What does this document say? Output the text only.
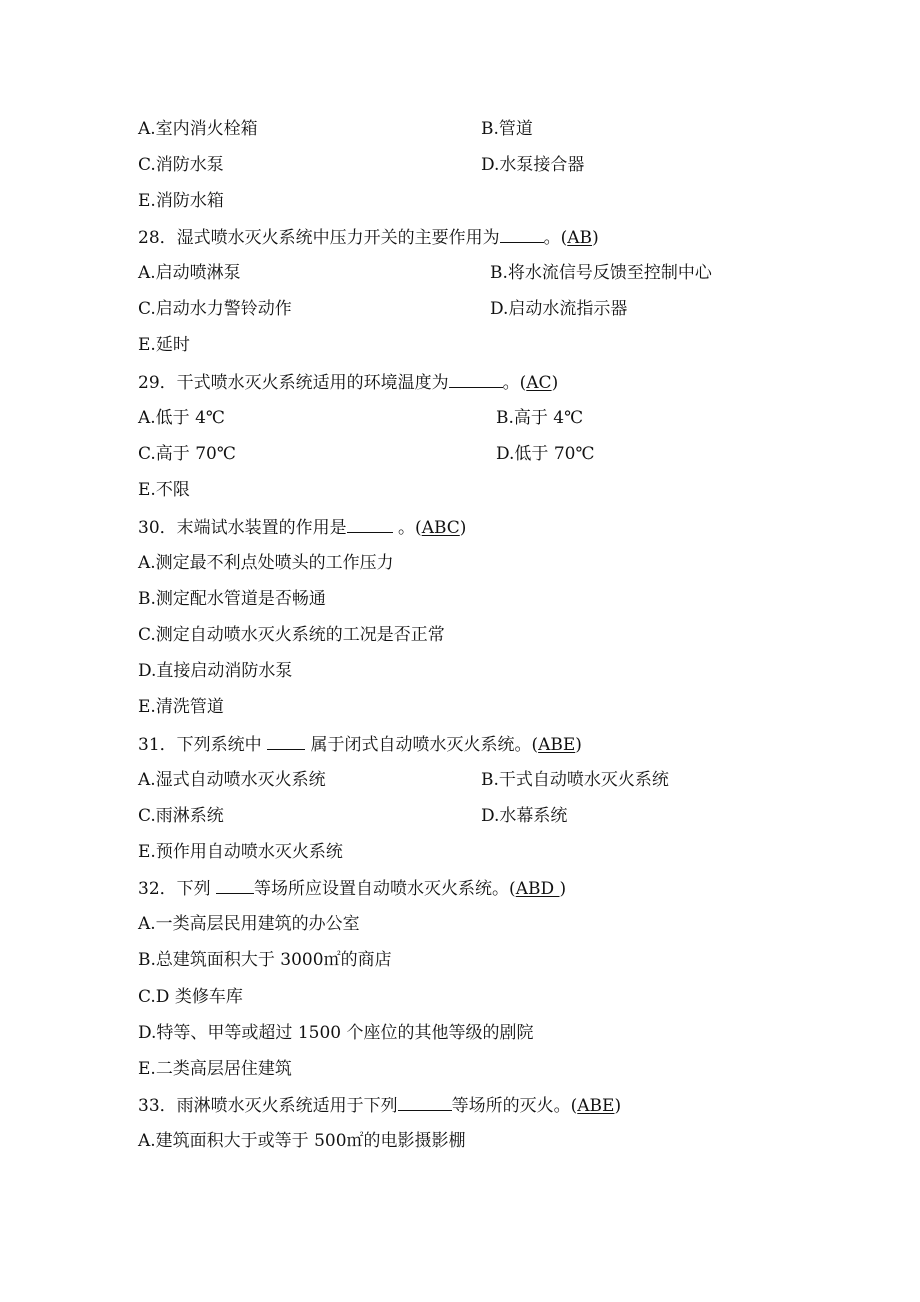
A.室内消火栓箱	B.管道
C.消防水泵	D.水泵接合器
E.消防水箱
28．湿式喷水灭火系统中压力开关的主要作用为	。(AB)
A.启动喷淋泵	B.将水流信号反馈至控制中心
C.启动水力警铃动作	D.启动水流指示器
E.延时
29．干式喷水灭火系统适用的环境温度为	。(AC)
A.低于 4℃	B.高于 4℃
C.高于 70℃	D.低于 70℃
E.不限
30．末端试水装置的作用是	。(ABC)
A.测定最不利点处喷头的工作压力
B.测定配水管道是否畅通
C.测定自动喷水灭火系统的工况是否正常
D.直接启动消防水泵
E.清洗管道
31．下列系统中  属于闭式自动喷水灭火系统。(ABE)
A.湿式自动喷水灭火系统	B.干式自动喷水灭火系统
C.雨淋系统	D.水幕系统
E.预作用自动喷水灭火系统
32．下列 等场所应设置自动喷水灭火系统。(ABD )
A.一类高层民用建筑的办公室
B.总建筑面积大于 3000㎡的商店
C.D 类修车库
D.特等、甲等或超过 1500 个座位的其他等级的剧院
E.二类高层居住建筑
33．雨淋喷水灭火系统适用于下列	等场所的灭火。(ABE)
A.建筑面积大于或等于 500㎡的电影摄影棚
